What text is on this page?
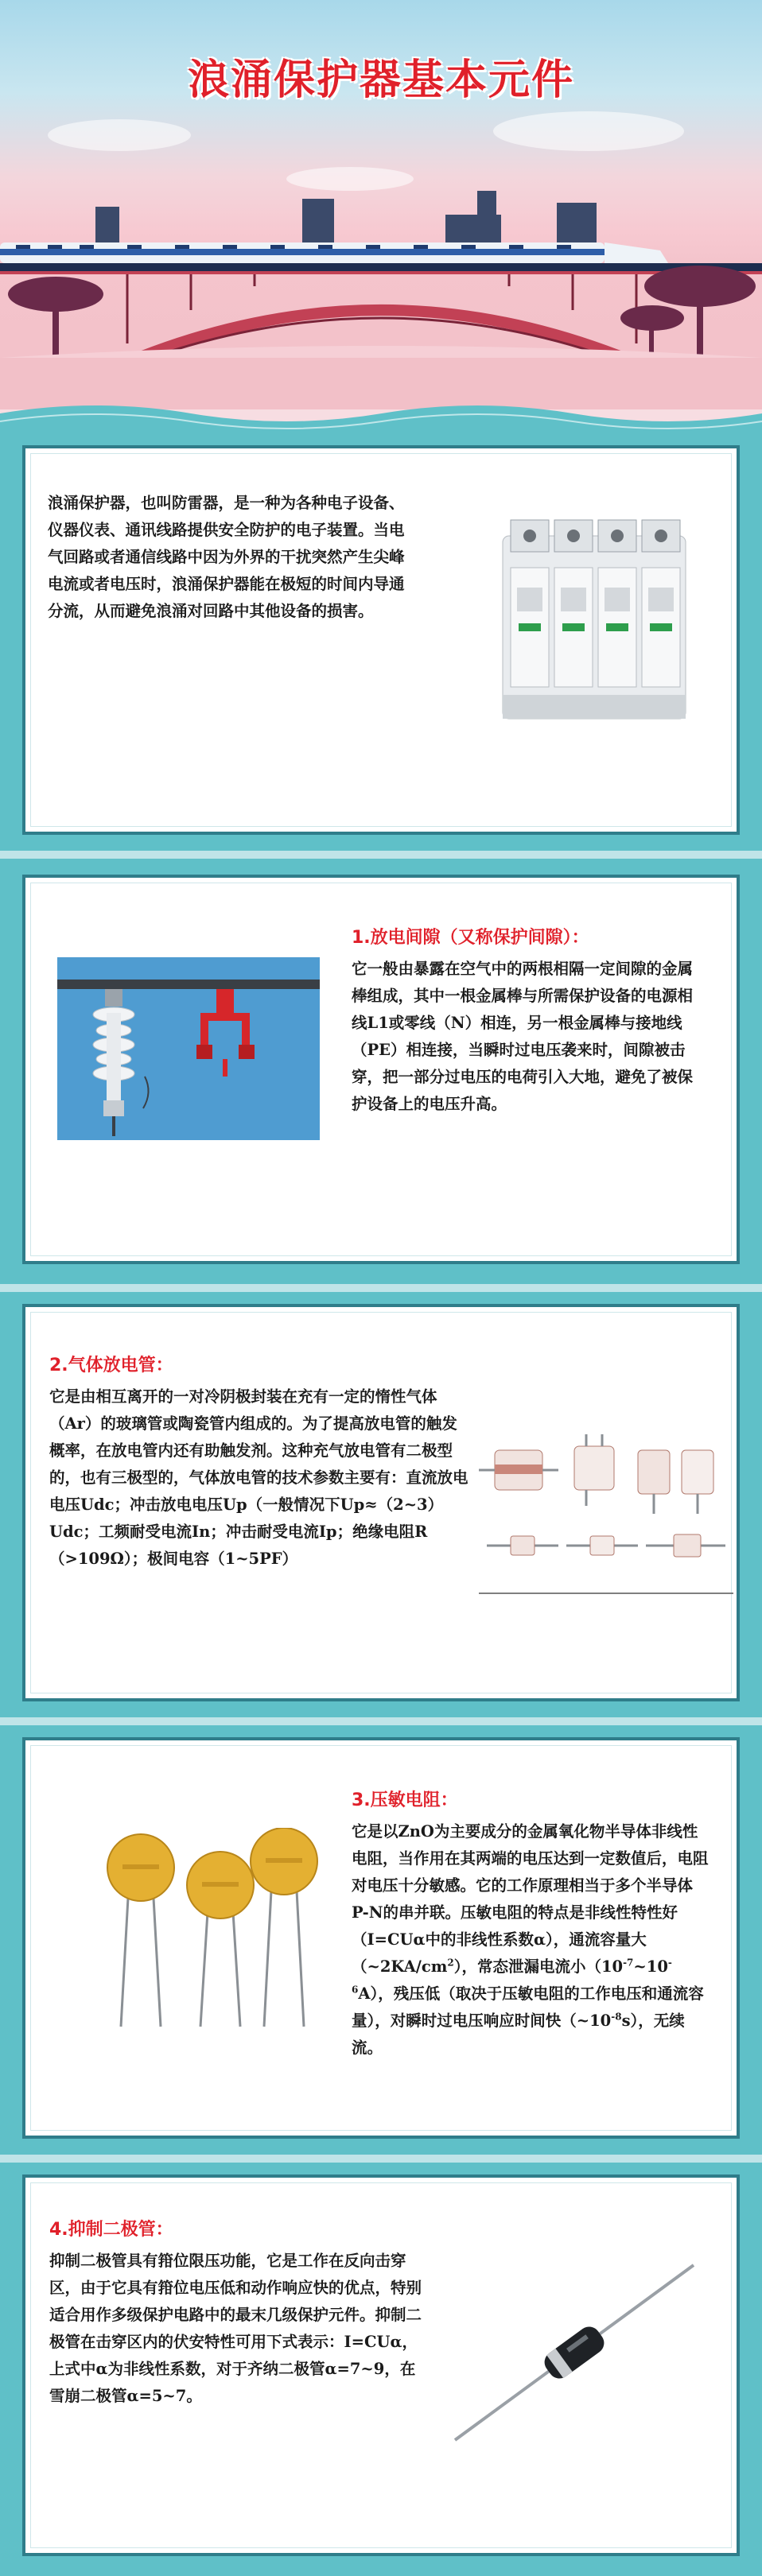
浪涌保护器基本元件
浪涌保护器，也叫防雷器，是一种为各种电子设备、仪器仪表、通讯线路提供安全防护的电子装置。当电气回路或者通信线路中因为外界的干扰突然产生尖峰电流或者电压时，浪涌保护器能在极短的时间内导通分流，从而避免浪涌对回路中其他设备的损害。
1.放电间隙（又称保护间隙）：
它一般由暴露在空气中的两根相隔一定间隙的金属棒组成，其中一根金属棒与所需保护设备的电源相线L1或零线（N）相连，另一根金属棒与接地线（PE）相连接，当瞬时过电压袭来时，间隙被击穿，把一部分过电压的电荷引入大地，避免了被保护设备上的电压升高。
2.气体放电管：
它是由相互离开的一对冷阴极封装在充有一定的惰性气体（Ar）的玻璃管或陶瓷管内组成的。为了提高放电管的触发概率，在放电管内还有助触发剂。这种充气放电管有二极型的，也有三极型的，气体放电管的技术参数主要有：直流放电电压Udc；冲击放电电压Up（一般情况下Up≈（2~3）Udc；工频耐受电流In；冲击耐受电流Ip；绝缘电阻R（>109Ω）；极间电容（1~5PF）
3.压敏电阻：
它是以ZnO为主要成分的金属氧化物半导体非线性电阻，当作用在其两端的电压达到一定数值后，电阻对电压十分敏感。它的工作原理相当于多个半导体P-N的串并联。压敏电阻的特点是非线性特性好（I=CUα中的非线性系数α），通流容量大$(\sim 2KA/cm^2)$，常态泄漏电流小$(10^{-7}\sim 10^{-6}A)$，残压低（取决于压敏电阻的工作电压和通流容量），对瞬时过电压响应时间快$(\sim 10^{-8}s)$，无续流。
4.抑制二极管：
抑制二极管具有箝位限压功能，它是工作在反向击穿区，由于它具有箝位电压低和动作响应快的优点，特别适合用作多级保护电路中的最末几级保护元件。抑制二极管在击穿区内的伏安特性可用下式表示：I=CUα，上式中α为非线性系数，对于齐纳二极管α=7~9，在雪崩二极管α=5~7。
